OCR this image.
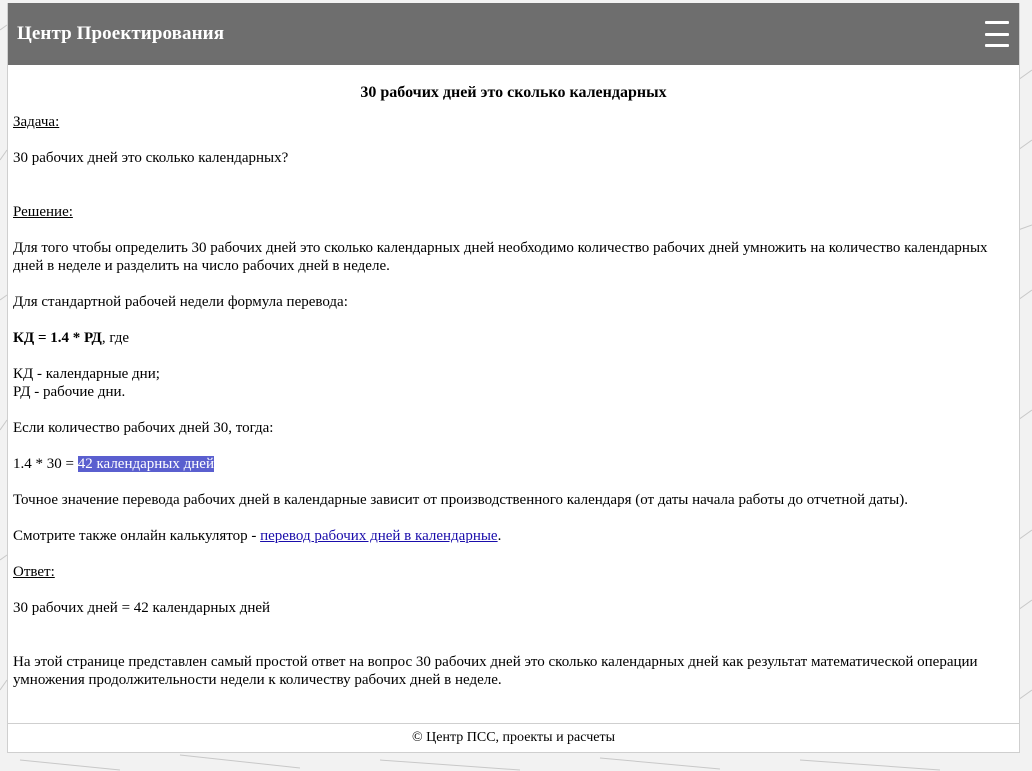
Центр Проектирования
30 рабочих дней это сколько календарных

Задача:

30 рабочих дней это сколько календарных?

Решение:

Для того чтобы определить 30 рабочих дней это сколько календарных дней необходимо количество рабочих дней умножить на количество календарных дней в неделе и разделить на число рабочих дней в неделе.

Для стандартной рабочей недели формула перевода:

КД = 1.4 * РД, где

КД - календарные дни;
РД - рабочие дни.

Если количество рабочих дней 30, тогда:

1.4 * 30 = 42 календарных дней

Точное значение перевода рабочих дней в календарные зависит от производственного календаря (от даты начала работы до отчетной даты).

Смотрите также онлайн калькулятор - перевод рабочих дней в календарные.

Ответ:

30 рабочих дней = 42 календарных дней

На этой странице представлен самый простой ответ на вопрос 30 рабочих дней это сколько календарных дней как результат математической операции умножения продолжительности недели к количеству рабочих дней в неделе.

© Центр ПСС, проекты и расчеты
